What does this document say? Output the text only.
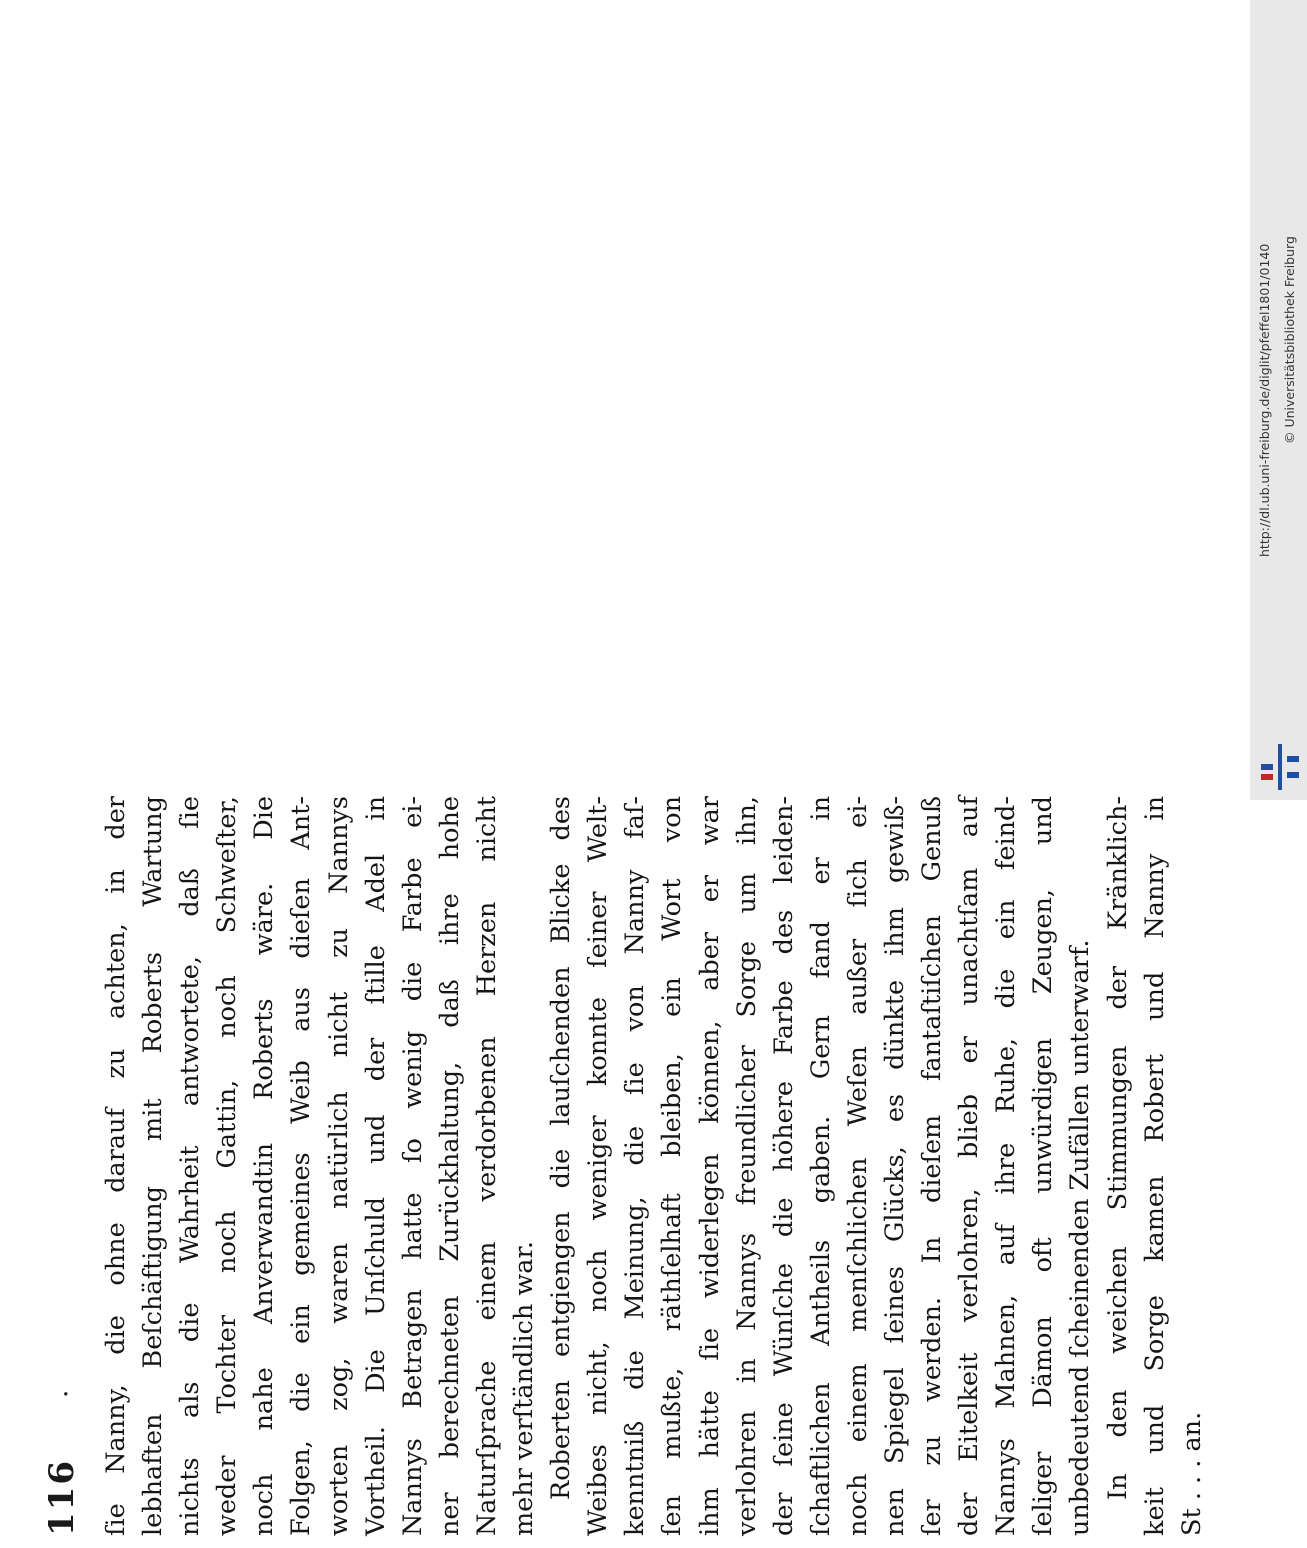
116
. ſie Nanny, die ohne darauf zu achten, in der lebhaften Beſchäftigung mit Roberts Wartung nichts als die Wahrheit antwortete, daß ſie weder Tochter noch Gattin, noch Schweſter, noch nahe Anverwandtin Roberts wäre. Die Folgen, die ein gemeines Weib aus dieſen Ant- worten zog, waren natürlich nicht zu Nannys Vortheil. Die Unſchuld und der ſtille Adel in Nannys Betragen hatte ſo wenig die Farbe ei- ner berechneten Zurückhaltung, daß ihre hohe Naturſprache einem verdorbenen Herzen nicht mehr verſtändlich war. Roberten entgiengen die lauſchenden Blicke des Weibes nicht, noch weniger konnte ſeiner Welt- kenntniß die Meinung, die ſie von Nanny faſ- ſen mußte, räthſelhaft bleiben, ein Wort von ihm hätte ſie widerlegen können, aber er war verlohren in Nannys freundlicher Sorge um ihn, der ſeine Wünſche die höhere Farbe des leiden- ſchaftlichen Antheils gaben. Gern fand er in noch einem menſchlichen Weſen außer ſich ei- nen Spiegel ſeines Glücks, es dünkte ihm gewiß- ſer zu werden. In dieſem fantaſtiſchen Genuß der Eitelkeit verlohren, blieb er unachtſam auf Nannys Mahnen, auf ihre Ruhe, die ein feind- ſeliger Dämon oft unwürdigen Zeugen, und unbedeutend ſcheinenden Zufällen unterwarf. In den weichen Stimmungen der Kränklich- keit und Sorge kamen Robert und Nanny in St . . . an.
http://dl.ub.uni-freiburg.de/diglit/pfeffel1801/0140 © Universitätsbibliothek Freiburg
